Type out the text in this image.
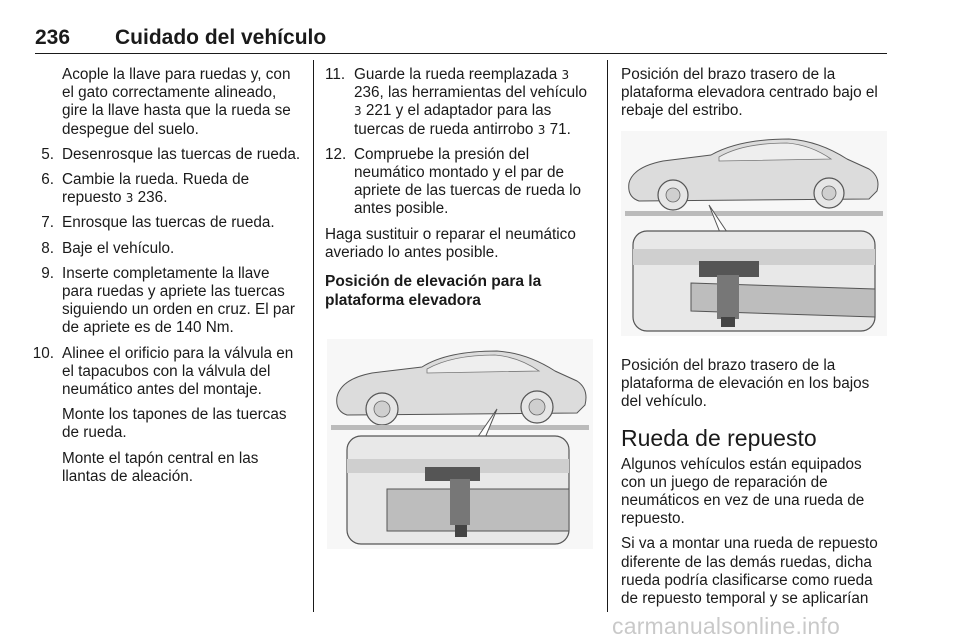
236 Cuidado del vehículo

Acople la llave para ruedas y, con el gato correctamente alineado, gire la llave hasta que la rueda se despegue del suelo.

5. Desenrosque las tuercas de rueda.
6. Cambie la rueda. Rueda de repuesto 3 236.
7. Enrosque las tuercas de rueda.
8. Baje el vehículo.
9. Inserte completamente la llave para ruedas y apriete las tuercas siguiendo un orden en cruz. El par de apriete es de 140 Nm.
10. Alinee el orificio para la válvula en el tapacubos con la válvula del neumático antes del montaje.

Monte los tapones de las tuercas de rueda.

Monte el tapón central en las llantas de aleación.

11. Guarde la rueda reemplazada 3 236, las herramientas del vehículo 3 221 y el adaptador para las tuercas de rueda antirrobo 3 71.
12. Compruebe la presión del neumático montado y el par de apriete de las tuercas de rueda lo antes posible.

Haga sustituir o reparar el neumático averiado lo antes posible.

Posición de elevación para la plataforma elevadora

Posición del brazo trasero de la plataforma elevadora centrado bajo el rebaje del estribo.

Posición del brazo trasero de la plataforma de elevación en los bajos del vehículo.

Rueda de repuesto

Algunos vehículos están equipados con un juego de reparación de neumáticos en vez de una rueda de repuesto.

Si va a montar una rueda de repuesto diferente de las demás ruedas, dicha rueda podría clasificarse como rueda de repuesto temporal y se aplicarían

carmanualsonline.info
